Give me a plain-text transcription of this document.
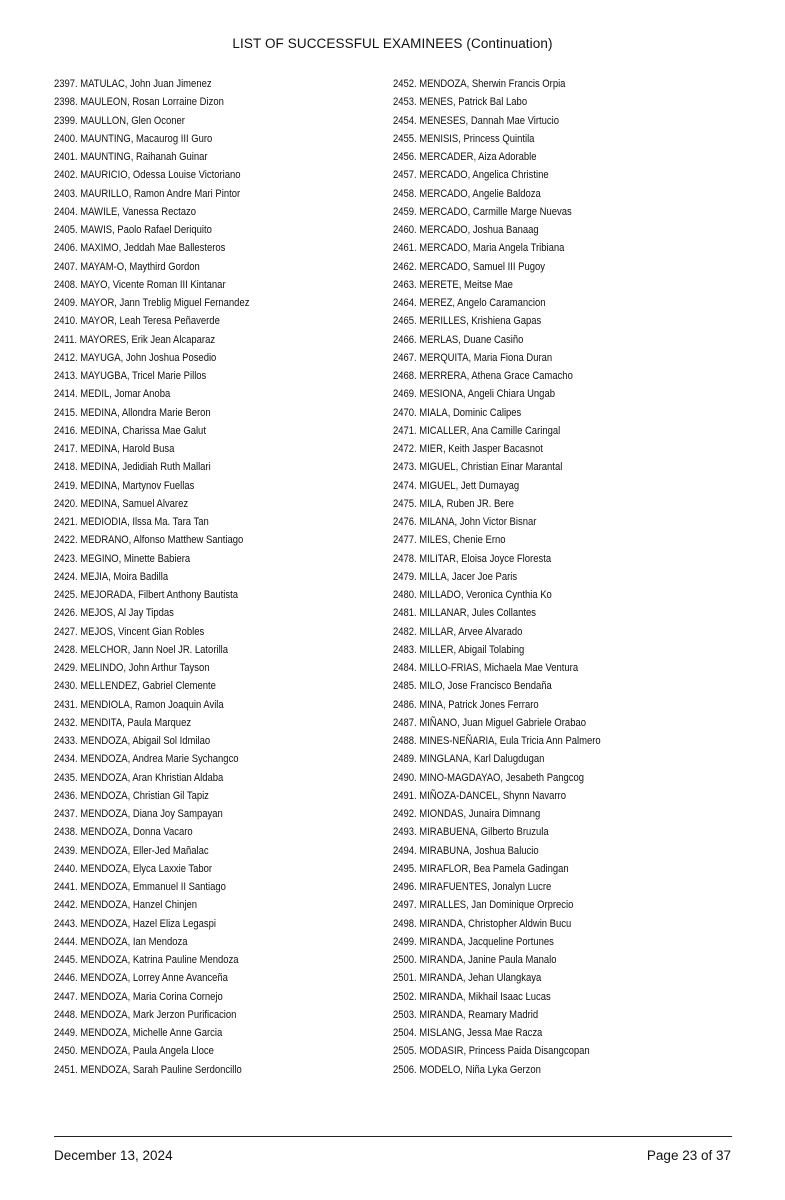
LIST OF SUCCESSFUL EXAMINEES (Continuation)
2397. MATULAC, John Juan Jimenez
2398. MAULEON, Rosan Lorraine Dizon
2399. MAULLON, Glen Oconer
2400. MAUNTING, Macaurog III Guro
2401. MAUNTING, Raihanah Guinar
2402. MAURICIO, Odessa Louise Victoriano
2403. MAURILLO, Ramon Andre Mari Pintor
2404. MAWILE, Vanessa Rectazo
2405. MAWIS, Paolo Rafael Deriquito
2406. MAXIMO, Jeddah Mae Ballesteros
2407. MAYAM-O, Maythird Gordon
2408. MAYO, Vicente Roman III Kintanar
2409. MAYOR, Jann Treblig Miguel Fernandez
2410. MAYOR, Leah Teresa Peñaverde
2411. MAYORES, Erik Jean Alcaparaz
2412. MAYUGA, John Joshua Posedio
2413. MAYUGBA, Tricel Marie Pillos
2414. MEDIL, Jomar Anoba
2415. MEDINA, Allondra Marie Beron
2416. MEDINA, Charissa Mae Galut
2417. MEDINA, Harold Busa
2418. MEDINA, Jedidiah Ruth Mallari
2419. MEDINA, Martynov Fuellas
2420. MEDINA, Samuel Alvarez
2421. MEDIODIA, Ilssa Ma. Tara Tan
2422. MEDRANO, Alfonso Matthew Santiago
2423. MEGINO, Minette Babiera
2424. MEJIA, Moira Badilla
2425. MEJORADA, Filbert Anthony Bautista
2426. MEJOS, Al Jay Tipdas
2427. MEJOS, Vincent Gian Robles
2428. MELCHOR, Jann Noel JR. Latorilla
2429. MELINDO, John Arthur Tayson
2430. MELLENDEZ, Gabriel Clemente
2431. MENDIOLA, Ramon Joaquin Avila
2432. MENDITA, Paula Marquez
2433. MENDOZA, Abigail Sol Idmilao
2434. MENDOZA, Andrea Marie Sychangco
2435. MENDOZA, Aran Khristian Aldaba
2436. MENDOZA, Christian Gil Tapiz
2437. MENDOZA, Diana Joy Sampayan
2438. MENDOZA, Donna Vacaro
2439. MENDOZA, Eller-Jed Mañalac
2440. MENDOZA, Elyca Laxxie Tabor
2441. MENDOZA, Emmanuel II Santiago
2442. MENDOZA, Hanzel Chinjen
2443. MENDOZA, Hazel Eliza Legaspi
2444. MENDOZA, Ian Mendoza
2445. MENDOZA, Katrina Pauline Mendoza
2446. MENDOZA, Lorrey Anne Avanceña
2447. MENDOZA, Maria Corina Cornejo
2448. MENDOZA, Mark Jerzon Purificacion
2449. MENDOZA, Michelle Anne Garcia
2450. MENDOZA, Paula Angela Lloce
2451. MENDOZA, Sarah Pauline Serdoncillo
2452. MENDOZA, Sherwin Francis Orpia
2453. MENES, Patrick Bal Labo
2454. MENESES, Dannah Mae Virtucio
2455. MENISIS, Princess Quintila
2456. MERCADER, Aiza Adorable
2457. MERCADO, Angelica Christine
2458. MERCADO, Angelie Baldoza
2459. MERCADO, Carmille Marge Nuevas
2460. MERCADO, Joshua Banaag
2461. MERCADO, Maria Angela Tribiana
2462. MERCADO, Samuel III Pugoy
2463. MERETE, Meitse Mae
2464. MEREZ, Angelo Caramancion
2465. MERILLES, Krishiena Gapas
2466. MERLAS, Duane Casiño
2467. MERQUITA, Maria Fiona Duran
2468. MERRERA, Athena Grace Camacho
2469. MESIONA, Angeli Chiara Ungab
2470. MIALA, Dominic Calipes
2471. MICALLER, Ana Camille Caringal
2472. MIER, Keith Jasper Bacasnot
2473. MIGUEL, Christian Einar Marantal
2474. MIGUEL, Jett Dumayag
2475. MILA, Ruben JR. Bere
2476. MILANA, John Victor Bisnar
2477. MILES, Chenie Erno
2478. MILITAR, Eloisa Joyce Floresta
2479. MILLA, Jacer Joe Paris
2480. MILLADO, Veronica Cynthia Ko
2481. MILLANAR, Jules Collantes
2482. MILLAR, Arvee Alvarado
2483. MILLER, Abigail Tolabing
2484. MILLO-FRIAS, Michaela Mae Ventura
2485. MILO, Jose Francisco Bendaña
2486. MINA, Patrick Jones Ferraro
2487. MIÑANO, Juan Miguel Gabriele Orabao
2488. MINES-NEÑARIA, Eula Tricia Ann Palmero
2489. MINGLANA, Karl Dalugdugan
2490. MINO-MAGDAYAO, Jesabeth Pangcog
2491. MIÑOZA-DANCEL, Shynn Navarro
2492. MIONDAS, Junaira Dimnang
2493. MIRABUENA, Gilberto Bruzula
2494. MIRABUNA, Joshua Balucio
2495. MIRAFLOR, Bea Pamela Gadingan
2496. MIRAFUENTES, Jonalyn Lucre
2497. MIRALLES, Jan Dominique Orprecio
2498. MIRANDA, Christopher Aldwin Bucu
2499. MIRANDA, Jacqueline Portunes
2500. MIRANDA, Janine Paula Manalo
2501. MIRANDA, Jehan Ulangkaya
2502. MIRANDA, Mikhail Isaac Lucas
2503. MIRANDA, Reamary Madrid
2504. MISLANG, Jessa Mae Racza
2505. MODASIR, Princess Paida Disangcopan
2506. MODELO, Niña Lyka Gerzon
December 13, 2024	Page 23 of 37
